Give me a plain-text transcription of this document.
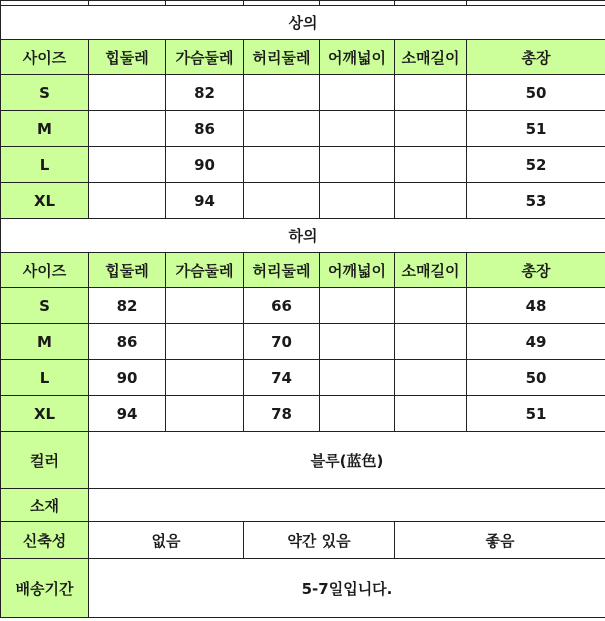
상의						
사이즈	힙둘레	가슴둘레	허리둘레	어깨넓이	소매길이	총장
S		82				50
M		86				51
L		90				52
XL		94				53
하의						
사이즈	힙둘레	가슴둘레	허리둘레	어깨넓이	소매길이	총장
S	82		66			48
M	86		70			49
L	90		74			50
XL	94		78			51
컬러	블루(蓝色)					
소재						
신축성	없음		약간 있음		좋음	
배송기간	5-7일입니다.					
